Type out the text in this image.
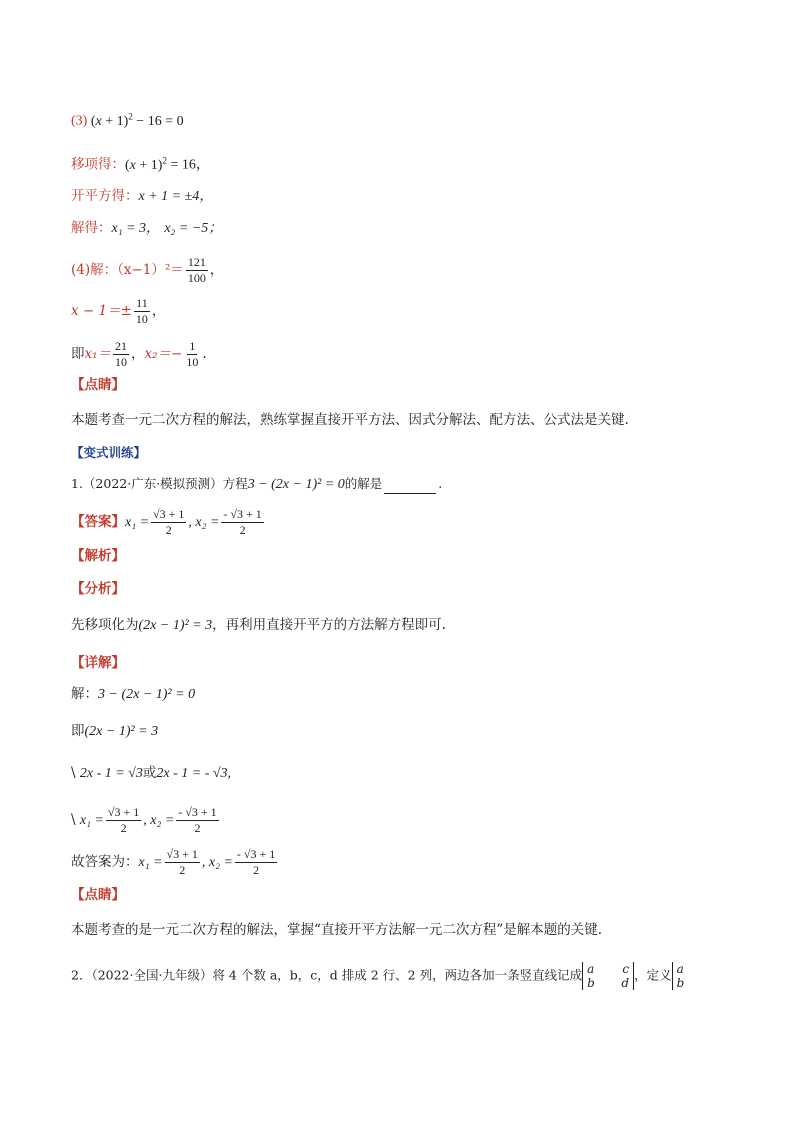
(3) $(x + 1)^2 - 16 = 0$
移项得：$(x + 1)^2 = 16$，
开平方得：x + 1 = ±4，
解得：x₁ = 3， x₂ = −5；
(4)解：$(x-1)^2= \frac{121}{100}$ ，
$x - 1=\pm \frac{11}{10}$ ，
即$x_1= \frac{21}{10}$ ，$x_2=- \frac{1}{10}$ .
【点睛】
本题考查一元二次方程的解法，熟练掌握直接开平方法、因式分解法、配方法、公式法是关键.
【变式训练】
1.（2022·广东·模拟预测）方程3 − (2x − 1)² = 0的解是	.
【答案】$x_1 = \frac{√3 + 1}{2}$ , $x_2 = \frac{- √3 + 1}{2}$
【解析】
【分析】
先移项化为(2x − 1)² = 3，再利用直接开平方的方法解方程即可.
【详解】
解：3 − (2x − 1)² = 0
即(2x − 1)² = 3
\ 2x - 1 = √3或2x - 1 = - √3,
\ $x_1 = \frac{√3 + 1}{2}$ , $x_2 = \frac{- √3 + 1}{2}$
故答案为：$x_1 = \frac{√3 + 1}{2}$ , $x_2 = \frac{- √3 + 1}{2}$
【点睛】
本题考查的是一元二次方程的解法，掌握“直接开平方法解一元二次方程”是解本题的关键.
2．（2022·全国·九年级）将 4 个数 a，b，c，d 排成 2 行、2 列，两边各加一条竖直线记成 a c
b d
，定义 a
b
